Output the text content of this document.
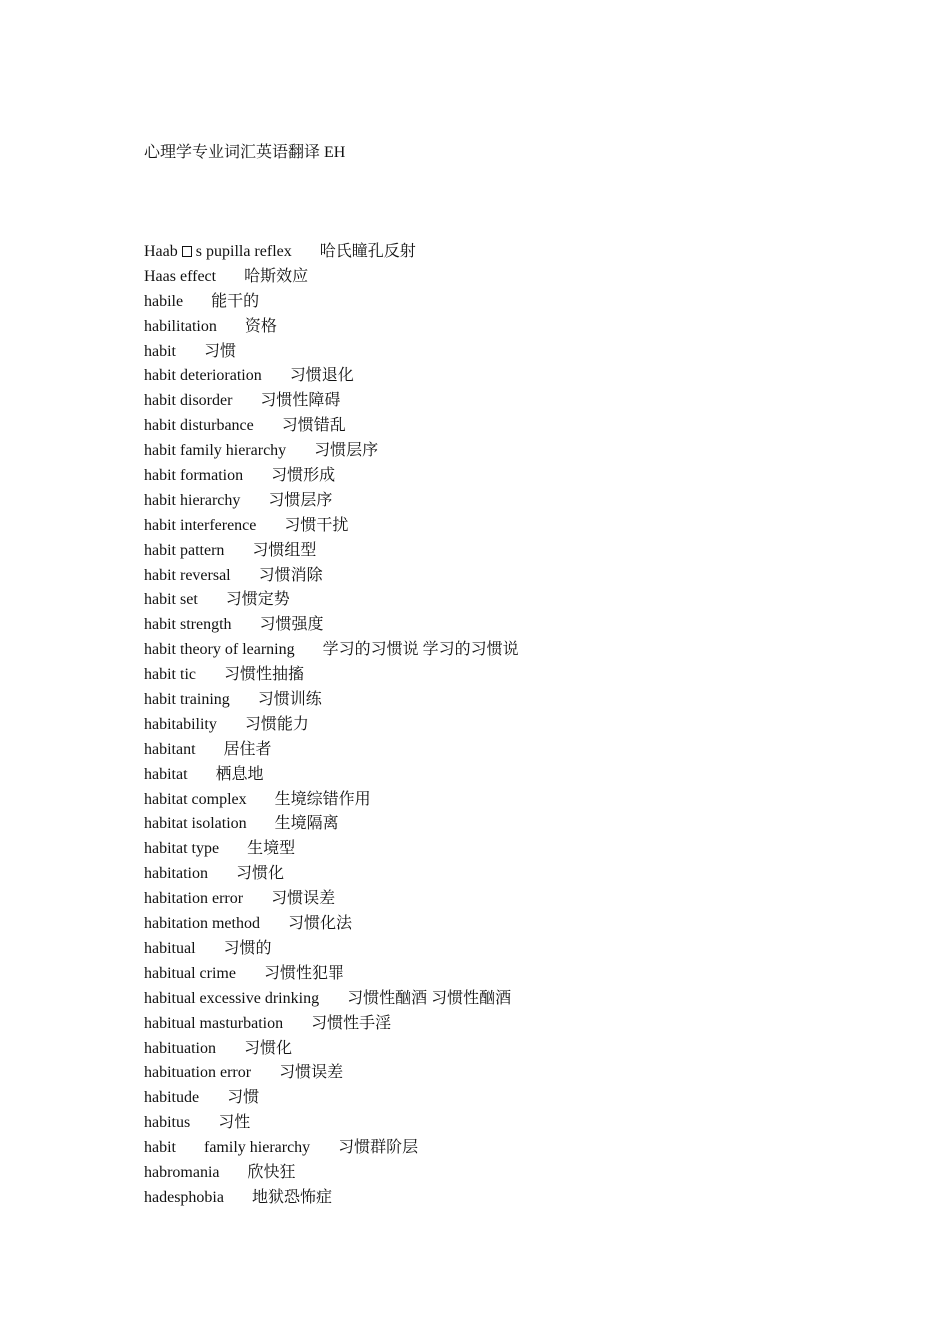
心理学专业词汇英语翻译 EH
Haab s pupilla reflex 哈氏瞳孔反射
Haas effect 哈斯效应
habile 能干的
habilitation 资格
habit 习惯
habit deterioration 习惯退化
habit disorder 习惯性障碍
habit disturbance 习惯错乱
habit family hierarchy 习惯层序
habit formation 习惯形成
habit hierarchy 习惯层序
habit interference 习惯干扰
habit pattern 习惯组型
habit reversal 习惯消除
habit set 习惯定势
habit strength 习惯强度
habit theory of learning 学习的习惯说 学习的习惯说
habit tic 习惯性抽搐
habit training 习惯训练
habitability 习惯能力
habitant 居住者
habitat 栖息地
habitat complex 生境综错作用
habitat isolation 生境隔离
habitat type 生境型
habitation 习惯化
habitation error 习惯误差
habitation method 习惯化法
habitual 习惯的
habitual crime 习惯性犯罪
habitual excessive drinking 习惯性酗酒 习惯性酗酒
habitual masturbation 习惯性手淫
habituation 习惯化
habituation error 习惯误差
habitude 习惯
habitus 习性
habit family hierarchy 习惯群阶层
habromania 欣快狂
hadesphobia 地狱恐怖症
